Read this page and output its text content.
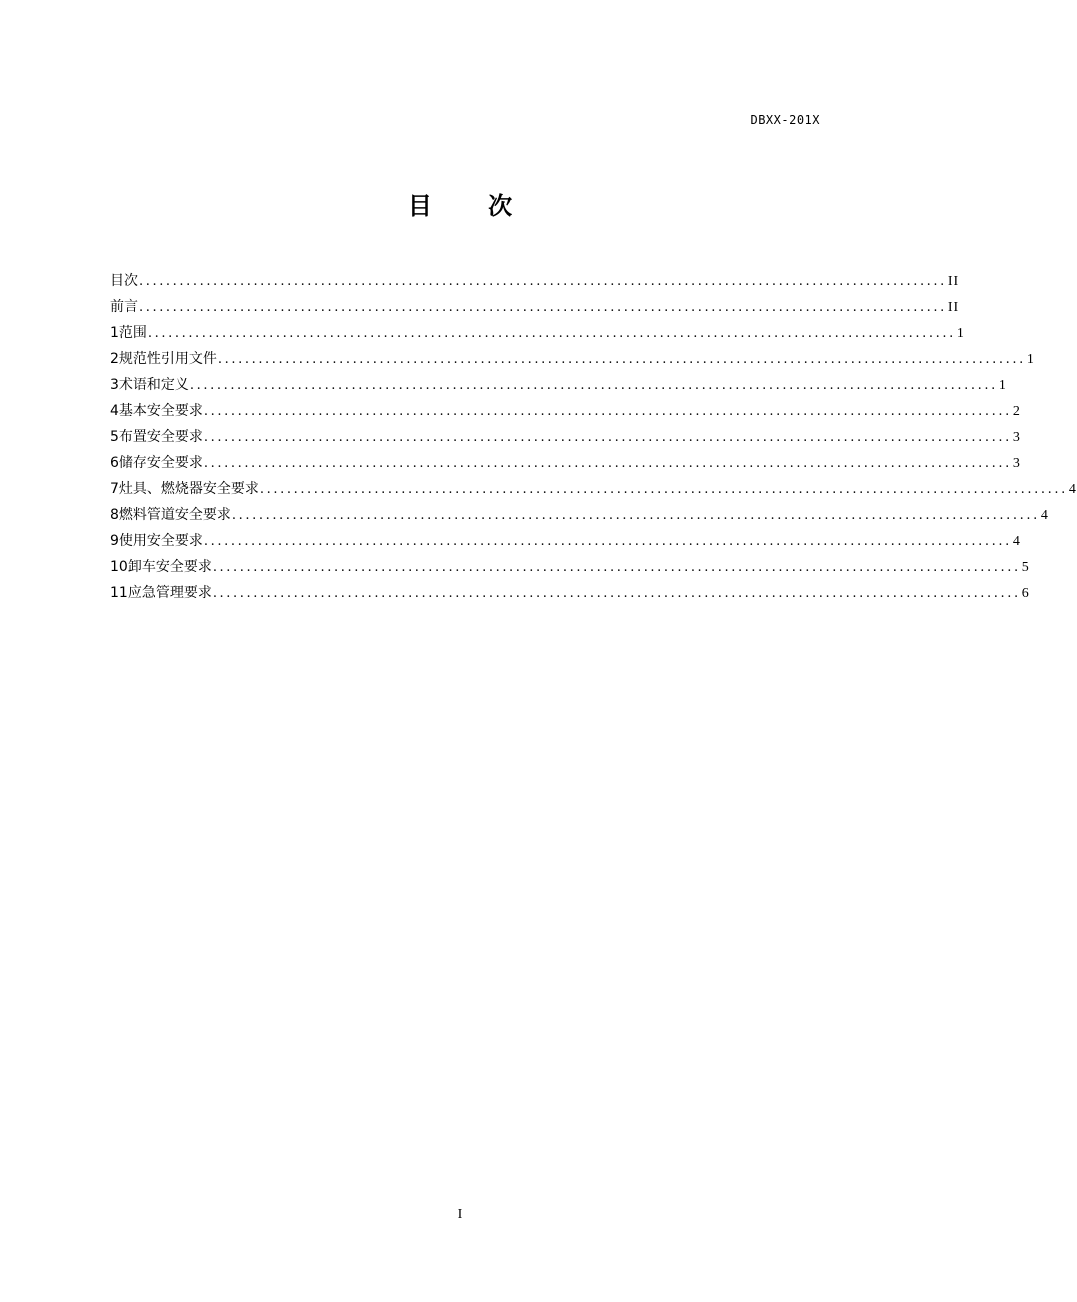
DBXX-201X
目 次
目 次 ........................................................................................................................ II
前 言 ........................................................................................................................ II
1 范围 ........................................................................................................................ 1
2 规范性引用文件 ........................................................................................................................ 1
3 术语和定义 ........................................................................................................................ 1
4 基本安全要求 ........................................................................................................................ 2
5 布置安全要求 ........................................................................................................................ 3
6 储存安全要求 ........................................................................................................................ 3
7 灶具、燃烧器安全要求 ........................................................................................................................ 4
8 燃料管道安全要求 ........................................................................................................................ 4
9 使用安全要求 ........................................................................................................................ 4
10 卸车安全要求 ........................................................................................................................ 5
11 应急管理要求 ........................................................................................................................ 6
I
